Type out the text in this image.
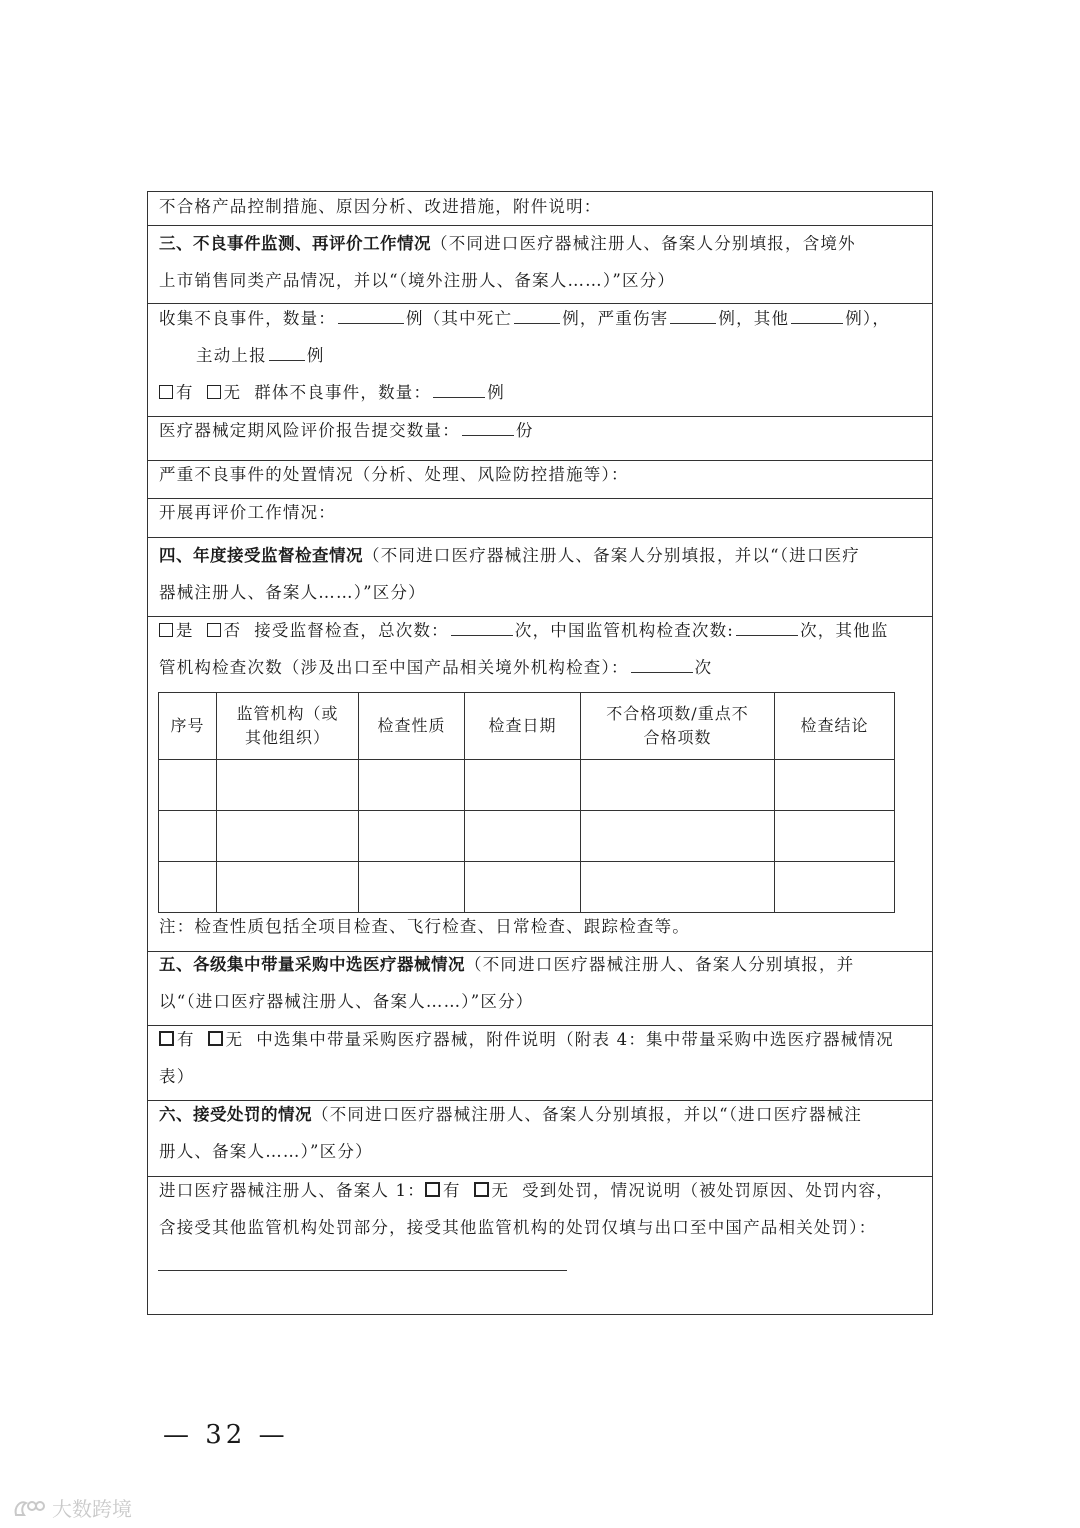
不合格产品控制措施、原因分析、改进措施，附件说明：
三、不良事件监测、再评价工作情况（不同进口医疗器械注册人、备案人分别填报，含境外
上市销售同类产品情况，并以“（境外注册人、备案人……）”区分）
收集不良事件，数量：	例（其中死亡	例，严重伤害	例，其他	例），
主动上报 例
有 无 群体不良事件，数量：	例
医疗器械定期风险评价报告提交数量：	份
严重不良事件的处置情况（分析、处理、风险防控措施等）：
开展再评价工作情况：
四、年度接受监督检查情况（不同进口医疗器械注册人、备案人分别填报，并以“（进口医疗
器械注册人、备案人……）”区分）
是 否 接受监督检查，总次数：	次，中国监管机构检查次数:	次，其他监
管机构检查次数（涉及出口至中国产品相关境外机构检查）：	次
序号	监管机构（或
其他组织）	检查性质	检查日期	不合格项数/重点不
合格项数	检查结论

注：检查性质包括全项目检查、飞行检查、日常检查、跟踪检查等。
五、各级集中带量采购中选医疗器械情况（不同进口医疗器械注册人、备案人分别填报，并
以“（进口医疗器械注册人、备案人……）”区分）
有 无 中选集中带量采购医疗器械，附件说明（附表 4：集中带量采购中选医疗器械情况
表）
六、接受处罚的情况（不同进口医疗器械注册人、备案人分别填报，并以“（进口医疗器械注
册人、备案人……）”区分）
进口医疗器械注册人、备案人 1： 有 无 受到处罚，情况说明（被处罚原因、处罚内容，
含接受其他监管机构处罚部分，接受其他监管机构的处罚仅填与出口至中国产品相关处罚）：
— 32 —
大数跨境
